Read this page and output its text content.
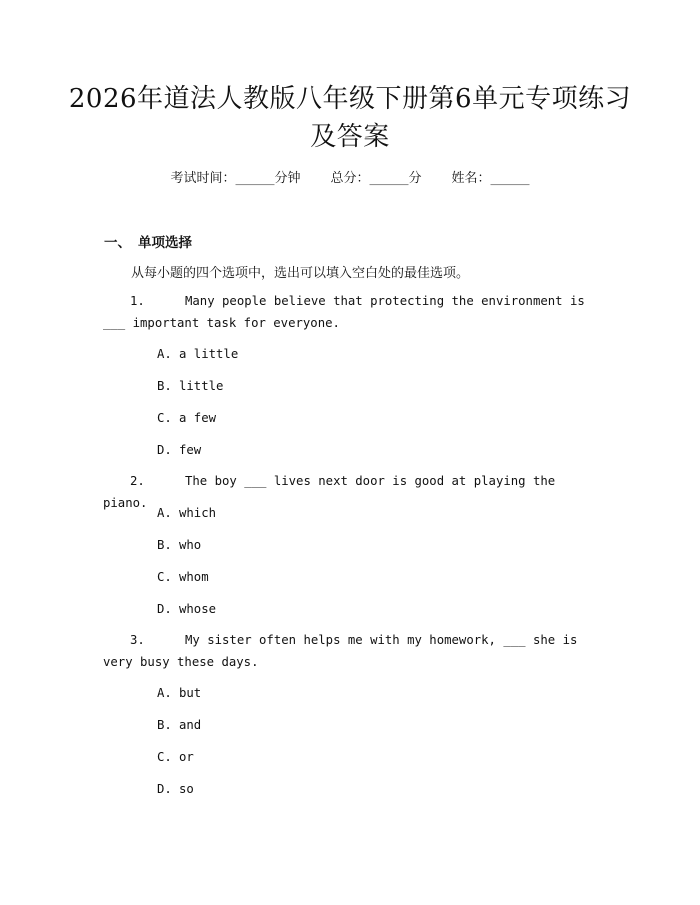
2026年道法人教版八年级下册第6单元专项练习及答案
考试时间：______分钟 总分：______分 姓名：______
一、 单项选择
从每小题的四个选项中，选出可以填入空白处的最佳选项。
1.	Many people believe that protecting the environment is ___ important task for everyone.
A. a little
B. little
C. a few
D. few
2.	The boy ___ lives next door is good at playing the piano.
A. which
B. who
C. whom
D. whose
3.	My sister often helps me with my homework, ___ she is very busy these days.
A. but
B. and
C. or
D. so
